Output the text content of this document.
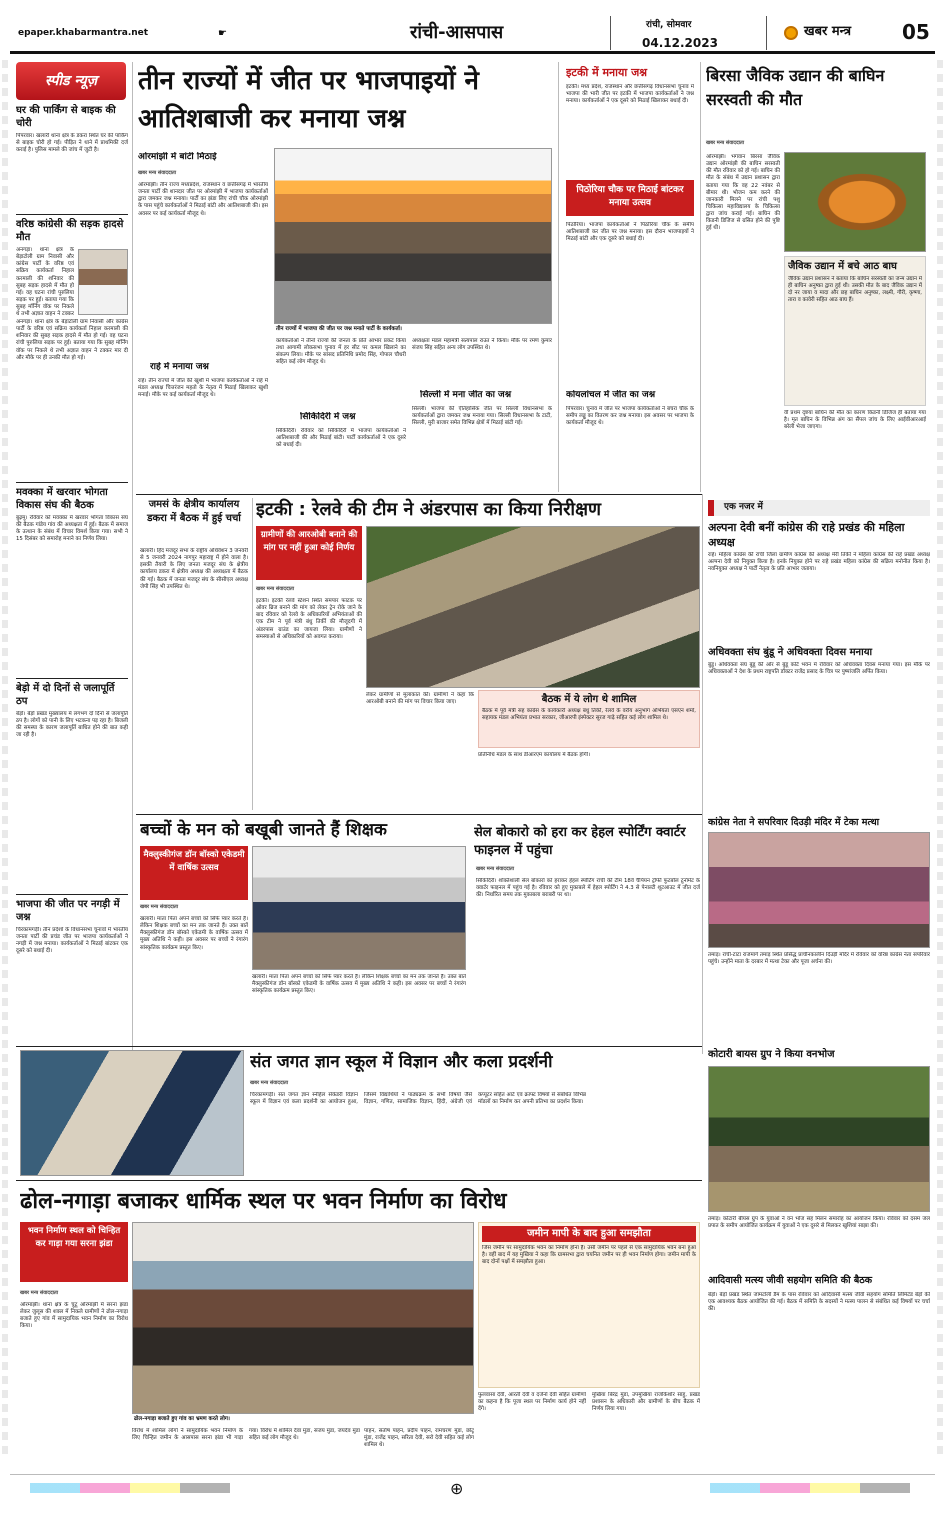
epaper.khabarmantra.net	☛	रांची-आसपास	रांची, सोमवार
04.12.2023
खबर मन्त्र	05
स्पीड न्यूज़
घर की पार्किंग से बाइक की चोरी
पिपरवार। खलारी थाना क्षेत्र के डकरा स्थित घर की पार्किंग से बाइक चोरी हो गई। पीड़ित ने थाने में प्राथमिकी दर्ज कराई है। पुलिस मामले की जांच में जुटी है।
वरिष्ठ कांग्रेसी की सड़क हादसे मौत
अनगड़ा। थाना क्षेत्र के बेड़ाटोली ग्राम निवासी और कांग्रेस पार्टी के वरिष्ठ एवं सक्रिय कार्यकर्ता निहाल करमाली की शनिवार की सुबह सड़क हादसे में मौत हो गई। वह घटना रांची पुरुलिया सड़क पर हुई। बताया गया कि सुबह मॉर्निंग वॉक पर निकले थे तभी अज्ञात वाहन ने टक्कर
अनगड़ा। थाना क्षेत्र के बेड़ाटोली ग्राम निवासी और कांग्रेस पार्टी के वरिष्ठ एवं सक्रिय कार्यकर्ता निहाल करमाली की शनिवार की सुबह सड़क हादसे में मौत हो गई। वह घटना रांची पुरुलिया सड़क पर हुई। बताया गया कि सुबह मॉर्निंग वॉक पर निकले थे तभी अज्ञात वाहन ने टक्कर मार दी और मौके पर ही उनकी मौत हो गई।
मवक्का में खरवार भोगता विकास संघ की बैठक
बुढ़मू। रविवार को मवक्का में खरवार भोगता विकास संघ की बैठक गांडेय गांव की अध्यक्षता में हुई। बैठक में समाज के उत्थान के संबंध में विचार विमर्श किया गया। सभी ने 15 दिसंबर को समारोह मनाने का निर्णय लिया।
बेड़ो में दो दिनों से जलापूर्ति ठप
बेड़ो। बेड़ो प्रखंड मुख्यालय में लगभग दो दिनों से जलापूर्ति ठप है। लोगों को पानी के लिए भटकना पड़ रहा है। बिजली की समस्या के कारण जलापूर्ति बाधित होने की बात कही जा रही है।
भाजपा की जीत पर नगड़ी में जश्न
चिरकामगड़ी। तीन प्रदेशों के विधानसभा चुनावों में भारतीय जनता पार्टी की प्रचंड जीत पर भाजपा कार्यकर्ताओं ने नगड़ी में जश्न मनाया। कार्यकर्ताओं ने मिठाई बांटकर एक दूसरे को बधाई दी।
तीन राज्यों में जीत पर भाजपाइयों ने आतिशबाजी कर मनाया जश्न
ओरमांझी में बांटी मिठाई
खबर मन्त्र संवाददाता
ओरमांझी। तीन राज्य मध्यप्रदेश, राजस्थान व छत्तीसगढ़ में भारतीय जनता पार्टी की शानदार जीत पर ओरमांझी में भाजपा कार्यकर्ताओं द्वारा जमकर जश्न मनाया। पार्टी का झंडा लिए रांची चौक ओरमांझी के पास पहुंचे कार्यकर्ताओं ने मिठाई बांटी और आतिशबाजी की। इस अवसर पर कई कार्यकर्ता मौजूद थे।
राहे में मनाया जश्न
राहे। तीन राज्यों में जीत की खुशी में भाजपा कार्यकर्ताओं ने राहे में मंडल अध्यक्ष चित्तरंजन महतो के नेतृत्व में मिठाई खिलाकर खुशी मनाई। मौके पर कई कार्यकर्ता मौजूद थे।
तीन राज्यों में भाजपा की जीत पर जश्न मनाते पार्टी के कार्यकर्ता।
कार्यकर्ताओं ने तीनों राज्यों की जनता के प्रति आभार प्रकट किया तथा आगामी लोकसभा चुनाव में हर सीट पर कमल खिलाने का संकल्प लिया। मौके पर सांसद प्रतिनिधि प्रमोद सिंह, गोपाल चौधरी सहित कई लोग मौजूद थे।
सिकिदिरी में जश्न
सिकिदिरी। रविवार को सिकिदिरी में भाजपा कार्यकर्ताओं ने आतिशबाजी की और मिठाई बांटी। पार्टी कार्यकर्ताओं ने एक दूसरे को बधाई दी।
अध्यक्षता मंडल महामंत्री सत्यपाल राउत ने किया। मौके पर रमण कुमार संजय सिंह सहित अन्य लोग उपस्थित थे।
सिल्ली में मना जीत का जश्न
सिल्ली। भाजपा की ऐतिहासिक जीत पर सिल्ली विधानसभा के कार्यकर्ताओं द्वारा जमकर जश्न मनाया गया। सिल्ली विधानसभा के टाटी, सिल्ली, मुरी बाजार समेत विभिन्न क्षेत्रों में मिठाई बांटी गई।
इटकी में मनाया जश्न
इटकी। मध्य प्रदेश, राजस्थान और छत्तीसगढ़ विधानसभा चुनाव में भाजपा की भारी जीत पर इटकी में भाजपा कार्यकर्ताओं ने जश्न मनाया। कार्यकर्ताओं ने एक दूसरे को मिठाई खिलाकर बधाई दी।
पिठोरिया चौक पर मिठाई बांटकर मनाया उत्सव
पिठोरिया। भाजपा कार्यकर्ताओं ने पिठोरिया चौक के समीप आतिशबाजी कर जीत पर जश्न मनाया। इस दौरान भाजपाइयों ने मिठाई बांटी और एक दूसरे को बधाई दी।
कोयलांचल में जीत का जश्न
पिपरवार। चुनाव में जीत पर भाजपा कार्यकर्ताओं ने बचरा चौक के समीप लड्डू का वितरण कर जश्न मनाया। इस अवसर पर भाजपा के कार्यकर्ता मौजूद थे।
बिरसा जैविक उद्यान की बाघिन सरस्वती की मौत
खबर मन्त्र संवाददाता
ओरमांझी। भगवान बिरसा जैविक उद्यान ओरमांझी की बाघिन सरस्वती की मौत रविवार को हो गई। बाघिन की मौत के संबंध में उद्यान प्रशासन द्वारा बताया गया कि वह 22 नवंबर से बीमार थी। भोजन कम करने की जानकारी मिलने पर रांची पशु चिकित्सा महाविद्यालय के चिकित्सा द्वारा जांच कराई गई। बाघिन की किडनी डिजिज से ग्रसित होने की पुष्टि हुई थी।
जैविक उद्यान में बचे आठ बाघ
जैविक उद्यान प्रशासन ने बताया कि बाघिन सरस्वती का जन्म उद्यान में ही बाघिन अनुष्का द्वारा हुई थी। उसकी मौत के बाद जैविक उद्यान में दो नर जाया व मादा और छह बाघिन अनुष्का, लक्ष्मी, गौरी, कृष्णा, तारा व कावेरी सहित आठ बाघ हैं।
वी प्रथम दृष्टया बाघिन की मौत का कारण किडनी डिजिज ही बताया गया है। मृत बाघिन के विभिन्न अंग का सैंपल जांच के लिए आईवीआरआई बरेली भेजा जाएगा।
जमसं के क्षेत्रीय कार्यालय डकरा में बैठक में हुई चर्चा
खलारी। हिंद मजदूर सभा के राष्ट्रीय अधिवेशन 3 जनवरी से 5 जनवरी 2024 नागपुर महाराष्ट्र में होने वाला है। इसकी तैयारी के लिए जनता मजदूर संघ के क्षेत्रीय कार्यालय डकरा में क्षेत्रीय अध्यक्ष की अध्यक्षता में बैठक की गई। बैठक में जनता मजदूर संघ के सीसीएल अध्यक्ष जेपी सिंह भी उपस्थित थे।
इटकी : रेलवे की टीम ने अंडरपास का किया निरीक्षण
ग्रामीणों की आरओबी बनाने की मांग पर नहीं हुआ कोई निर्णय
खबर मन्त्र संवाददाता
इटकी। इटकी रेलवे स्टेशन स्थित समपार फाटक पर ओवर ब्रिज बनाने की मांग को लेकर ट्रेन रोके जाने के बाद रविवार को रेलवे के अधिकारियों अभियंताओं की एक टीम ने पूर्व मंत्री बंधु तिर्की की मौजूदगी में अंडरपास ग्राउंड का जायजा लिया। ग्रामीणों ने समस्याओं से अधिकारियों को अवगत कराया।
लेकर ग्रामीणों से मुलाकात की। ग्रामीणों ने कहा कि आरओबी बनाने की मांग पर विचार किया जाए।	बैठक में ये लोग थे शामिल
बैठक में पूर्व मंत्री सह कांग्रेस के कार्यकारी अध्यक्ष बंधु तिर्की, रेलवे के वरीय अनुभाग अभियंता एसएन शर्मा, सहायक मंडल अभियंता प्रभात सरकार, जीआरपी इंस्पेक्टर सूरज गाढ़े सहित कई लोग शामिल थे।
प्रतिनिधि मंडल के साथ डीआरएम कार्यालय में बैठक होगी।
एक नजर में
अल्पना देवी बनीं कांग्रेस की राहे प्रखंड की महिला अध्यक्ष
राहे। महिला कांग्रेस की रांची जिला ग्रामीण कांग्रेस की अध्यक्ष मेरी तिर्की ने महिला कांग्रेस की राहे प्रखंड अध्यक्ष अल्पना देवी को नियुक्त किया है। इनके नियुक्त होने पर राहे प्रखंड महिला कांग्रेस की सक्रिय मनोनीत किया है। नवनियुक्त अध्यक्ष ने पार्टी नेतृत्व के प्रति आभार जताया।
अधिवक्ता संघ बुंडू ने अधिवक्ता दिवस मनाया
बुंडू। अधिवक्ता संघ बुंडू की ओर से बुंडू कोर्ट भवन में रविवार को अधिवक्ता दिवस मनाया गया। इस मौके पर अधिवक्ताओं ने देश के प्रथम राष्ट्रपति डॉक्टर राजेंद्र प्रसाद के चित्र पर पुष्पांजलि अर्पित किया।
कांग्रेस नेता ने सपरिवार दिउड़ी मंदिर में टेका मत्था
तमाड़। रांची-टाटा राजमार्ग तमाड़ स्थित प्रसिद्ध प्राचीनकालीन दिउड़ी मंदिर में रविवार को वरिष्ठ कांग्रेस नेता सपरिवार पहुंचे। उन्होंने माता के दरबार में मत्था टेका और पूजा अर्चना की।
कोटारी बायस ग्रुप ने किया वनभोज
तमाड़। कोटारी बीयस ग्रुप के युवाओं ने वन भोज सह मिलन समारोह का आयोजन किया। रविवार को दसम जल प्रपात के समीप आयोजित कार्यक्रम में युवाओं ने एक दूसरे से मिलकर खुशियां साझा की।
आदिवासी मत्स्य जीवी सहयोग समिति की बैठक
बेड़ो। बेड़ो प्रखंड स्थित जामटोली डैम के पास रविवार को आदिवासी मत्स्य जीवी सहयोग समिति लिमिटेड बेड़ो की एक आवश्यक बैठक आयोजित की गई। बैठक में समिति के सदस्यों ने मत्स्य पालन से संबंधित कई विषयों पर चर्चा की।
बच्चों के मन को बखूबी जानते हैं शिक्षक
मैक्लुस्कीगंज डॉन बॉस्को एकेडमी में वार्षिक उत्सव
खबर मन्त्र संवाददाता
खलारी। माता पिता अपने बच्चों को सिर्फ प्यार करते हैं। लेकिन शिक्षक बच्चों का मन तक जानते हैं। उक्त बातें मैक्लुस्कीगंज डॉन बॉस्को एकेडमी के वार्षिक उत्सव में मुख्य अतिथि ने कही। इस अवसर पर बच्चों ने रंगारंग सांस्कृतिक कार्यक्रम प्रस्तुत किए।
खलारी। माता पिता अपने बच्चों को सिर्फ प्यार करते हैं। लेकिन शिक्षक बच्चों का मन तक जानते हैं। उक्त बातें मैक्लुस्कीगंज डॉन बॉस्को एकेडमी के वार्षिक उत्सव में मुख्य अतिथि ने कही। इस अवसर पर बच्चों ने रंगारंग सांस्कृतिक कार्यक्रम प्रस्तुत किए।
सेल बोकारो को हरा कर हेहल स्पोर्टिंग क्वार्टर फाइनल में पहुंचा
खबर मन्त्र संवाददाता
सिकिदिरी। शक्तिशाली सेल बोकारो को हराकर हेहल स्पोर्टिंग रांची की टीम 18वें चैंपियन ट्रॉफी फुटबॉल टूर्नामेंट के क्वार्टर फाइनल में पहुंच गई है। रविवार को हुए मुकाबले में हेहल स्पोर्टिंग ने 4.3 से पेनाल्टी शूटआउट में जीत दर्ज की। निर्धारित समय तक मुकाबला बराबरी पर था।
संत जगत ज्ञान स्कूल में विज्ञान और कला प्रदर्शनी
खबर मन्त्र संवाददाता
चिरकामगड़ी। संत जगत ज्ञान स्नेहिल सेकेंडरी विज्ञान स्कूल में विज्ञान एवं कला प्रदर्शनी का आयोजन हुआ, जिसमें विद्यार्थियों ने पाठ्यक्रम के सभी विषयों जैसे विज्ञान, गणित, सामाजिक विज्ञान, हिंदी, अंग्रेजी एवं कंप्यूटर सहित आर्ट एवं क्राफ्ट विषयों से संबंधित विभिन्न मॉडलों का निर्माण कर अपनी प्रतिभा का प्रदर्शन किया।
ढोल-नगाड़ा बजाकर धार्मिक स्थल पर भवन निर्माण का विरोध
भवन निर्माण स्थल को चिन्हित कर गाड़ा गया सरना झंडा
खबर मन्त्र संवाददाता
ओरमांझी। थाना क्षेत्र के चुटू ओरमांझी में सरना झंडा लेकर जुलूस की शक्ल में निकले ग्रामीणों ने ढोल-नगाड़ा बजाते हुए गांव में सामुदायिक भवन निर्माण का विरोध किया।
ढोल-नगाड़ा बजाते हुए गांव का भ्रमण करते लोग।
विरोध में शामिल लोगों ने सामुदायिक भवन निर्माण के लिए चिन्हित जमीन के आसपास सरना झंडा भी गाड़ा गया। विरोध में शामिल देवा मुंडा, संजय मुंडा, जयदेव मुंडा सहित कई लोग मौजूद थे।
पाहन, संतोष पाहन, प्रदीप पाहन, रामचरण मुंडा, छोटू मुंडा, राजेंद्र पाहन, सरिता देवी, सरो देवी सहित कई लोग शामिल थे।
जमीन मापी के बाद हुआ समझौता
जिस जमीन पर सामुदायिक भवन का निर्माण होना है। उसी जमीन पर पहले से एक सामुदायिक भवन बना हुआ है। वहीं बाद में यह मुखिया ने कहा कि ग्रामसभा द्वारा चयनित जमीन पर ही भवन निर्माण होगा। जमीन मापी के बाद दोनों पक्षों में समझौता हुआ।
फुलवासा देवी, आरती देवी व दर्जनों देवी सहित ग्रामीणों का कहना है कि पूजा स्थल पर निर्माण कार्य होने नहीं देंगे।
मुखिया बिरेंद्र मुंडा, उपमुखिया राजकिशोर साहु, प्रखंड प्रशासन के अधिकारी और ग्रामीणों के बीच बैठक में निर्णय लिया गया।
⊕
